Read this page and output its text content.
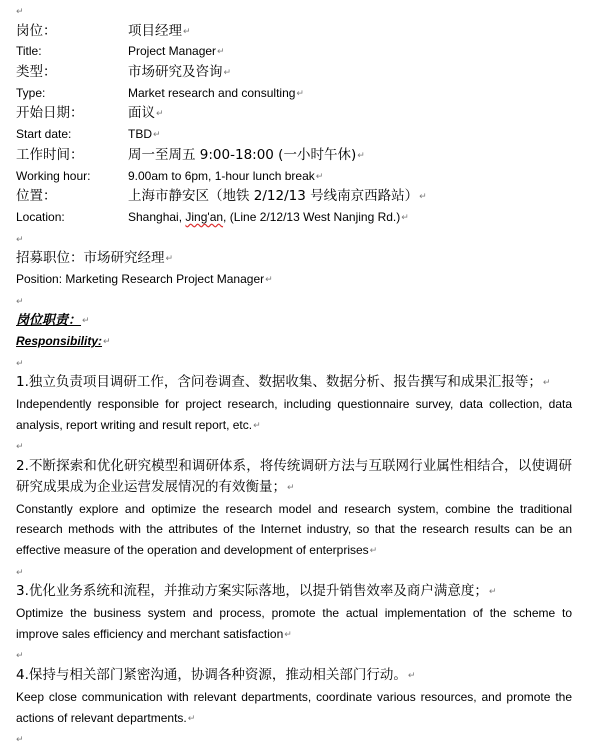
↵
岗位：	项目经理↵
Title:	Project Manager↵
类型：	市场研究及咨询↵
Type:	Market research and consulting↵
开始日期：	面议↵
Start date:	TBD↵
工作时间：	周一至周五 9:00-18:00 (一小时午休)↵
Working hour:	9.00am to 6pm, 1-hour lunch break↵
位置：	上海市静安区（地铁 2/12/13 号线南京西路站）↵
Location:	Shanghai, Jing'an, (Line 2/12/13 West Nanjing Rd.)↵
↵
招募职位：市场研究经理↵
Position: Marketing Research Project Manager↵
↵
岗位职责：↵
Responsibility:↵
↵
1.独立负责项目调研工作，含问卷调查、数据收集、数据分析、报告撰写和成果汇报等；↵
Independently responsible for project research, including questionnaire survey, data collection, data analysis, report writing and result report, etc.↵
↵
2.不断探索和优化研究模型和调研体系，将传统调研方法与互联网行业属性相结合，以使调研研究成果成为企业运营发展情况的有效衡量；↵
Constantly explore and optimize the research model and research system, combine the traditional research methods with the attributes of the Internet industry, so that the research results can be an effective measure of the operation and development of enterprises↵
↵
3.优化业务系统和流程，并推动方案实际落地，以提升销售效率及商户满意度；↵
Optimize the business system and process, promote the actual implementation of the scheme to improve sales efficiency and merchant satisfaction↵
↵
4.保持与相关部门紧密沟通，协调各种资源，推动相关部门行动。↵
Keep close communication with relevant departments, coordinate various resources, and promote the actions of relevant departments.↵
↵
